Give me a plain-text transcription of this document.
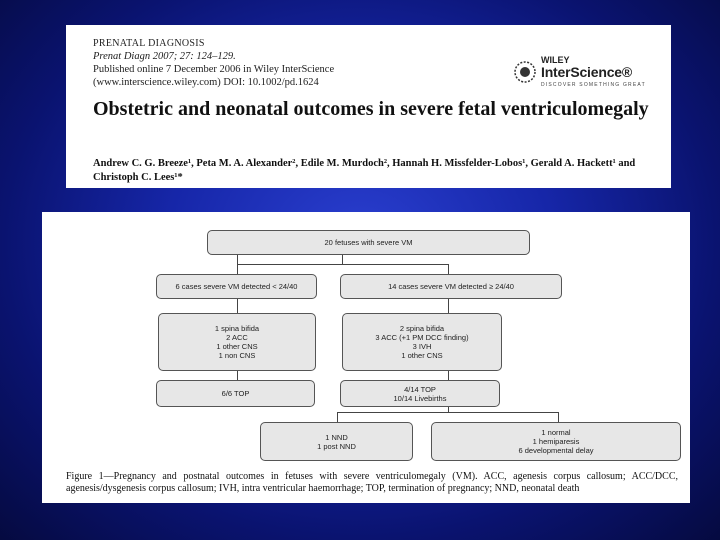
PRENATAL DIAGNOSIS
Prenat Diagn 2007; 27: 124–129.
Published online 7 December 2006 in Wiley InterScience
(www.interscience.wiley.com) DOI: 10.1002/pd.1624
WILEY
InterScience®
DISCOVER SOMETHING GREAT
Obstetric and neonatal outcomes in severe fetal ventriculomegaly
Andrew C. G. Breeze¹, Peta M. A. Alexander², Edile M. Murdoch², Hannah H. Missfelder-Lobos¹, Gerald A. Hackett¹ and Christoph C. Lees¹*
20 fetuses with severe VM
6 cases severe VM detected < 24/40	14 cases severe VM detected ≥ 24/40
1 spina bifida
2 ACC
1 other CNS
1 non CNS
2 spina bifida
3 ACC (+1 PM DCC finding)
3 IVH
1 other CNS
6/6 TOP	4/14 TOP
10/14 Livebirths
1 NND
1 post NND
1 normal
1 hemiparesis
6 developmental delay
Figure 1—Pregnancy and postnatal outcomes in fetuses with severe ventriculomegaly (VM). ACC, agenesis corpus callosum; ACC/DCC, agenesis/dysgenesis corpus callosum; IVH, intra ventricular haemorrhage; TOP, termination of pregnancy; NND, neonatal death
